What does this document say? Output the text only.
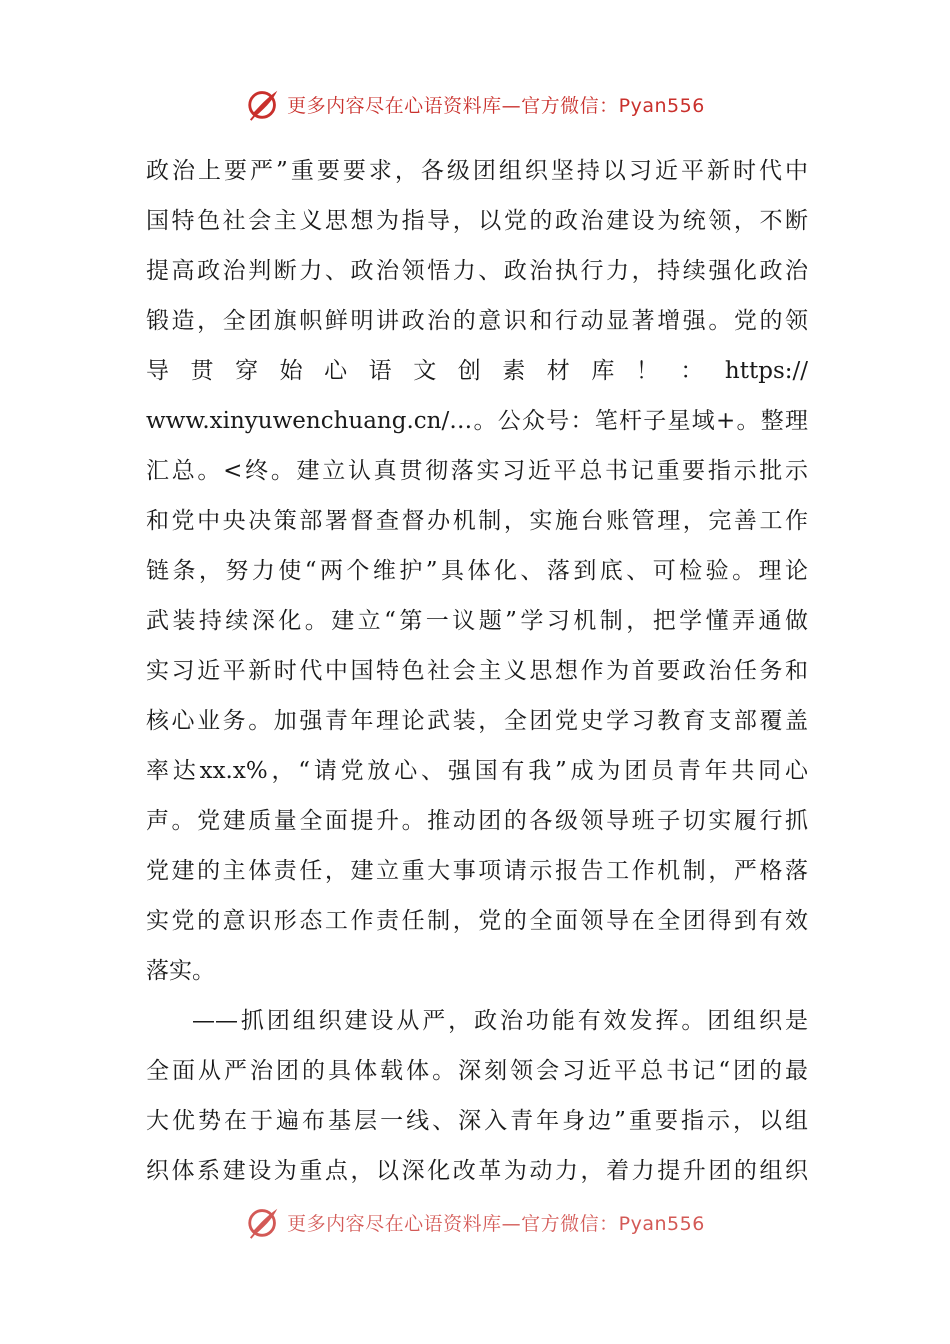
更多内容尽在心语资料库—官方微信：Pyan556
政治上要严”重要要求，各级团组织坚持以习近平新时代中
国特色社会主义思想为指导，以党的政治建设为统领，不断
提高政治判断力、政治领悟力、政治执行力，持续强化政治
锻造，全团旗帜鲜明讲政治的意识和行动显著增强。党的领
导 贯 穿 始 心 语 文 创 素 材 库 ！ ： https://
www.xinyuwenchuang.cn/…。公众号：笔杆子星域+。整理
汇总。<终。建立认真贯彻落实习近平总书记重要指示批示
和党中央决策部署督查督办机制，实施台账管理，完善工作
链条，努力使“两个维护”具体化、落到底、可检验。理论
武装持续深化。建立“第一议题”学习机制，把学懂弄通做
实习近平新时代中国特色社会主义思想作为首要政治任务和
核心业务。加强青年理论武装，全团党史学习教育支部覆盖
率达xx.x%，“请党放心、强国有我”成为团员青年共同心
声。党建质量全面提升。推动团的各级领导班子切实履行抓
党建的主体责任，建立重大事项请示报告工作机制，严格落
实党的意识形态工作责任制，党的全面领导在全团得到有效
落实。
——抓团组织建设从严，政治功能有效发挥。团组织是
全面从严治团的具体载体。深刻领会习近平总书记“团的最
大优势在于遍布基层一线、深入青年身边”重要指示，以组
织体系建设为重点，以深化改革为动力，着力提升团的组织
更多内容尽在心语资料库—官方微信：Pyan556
